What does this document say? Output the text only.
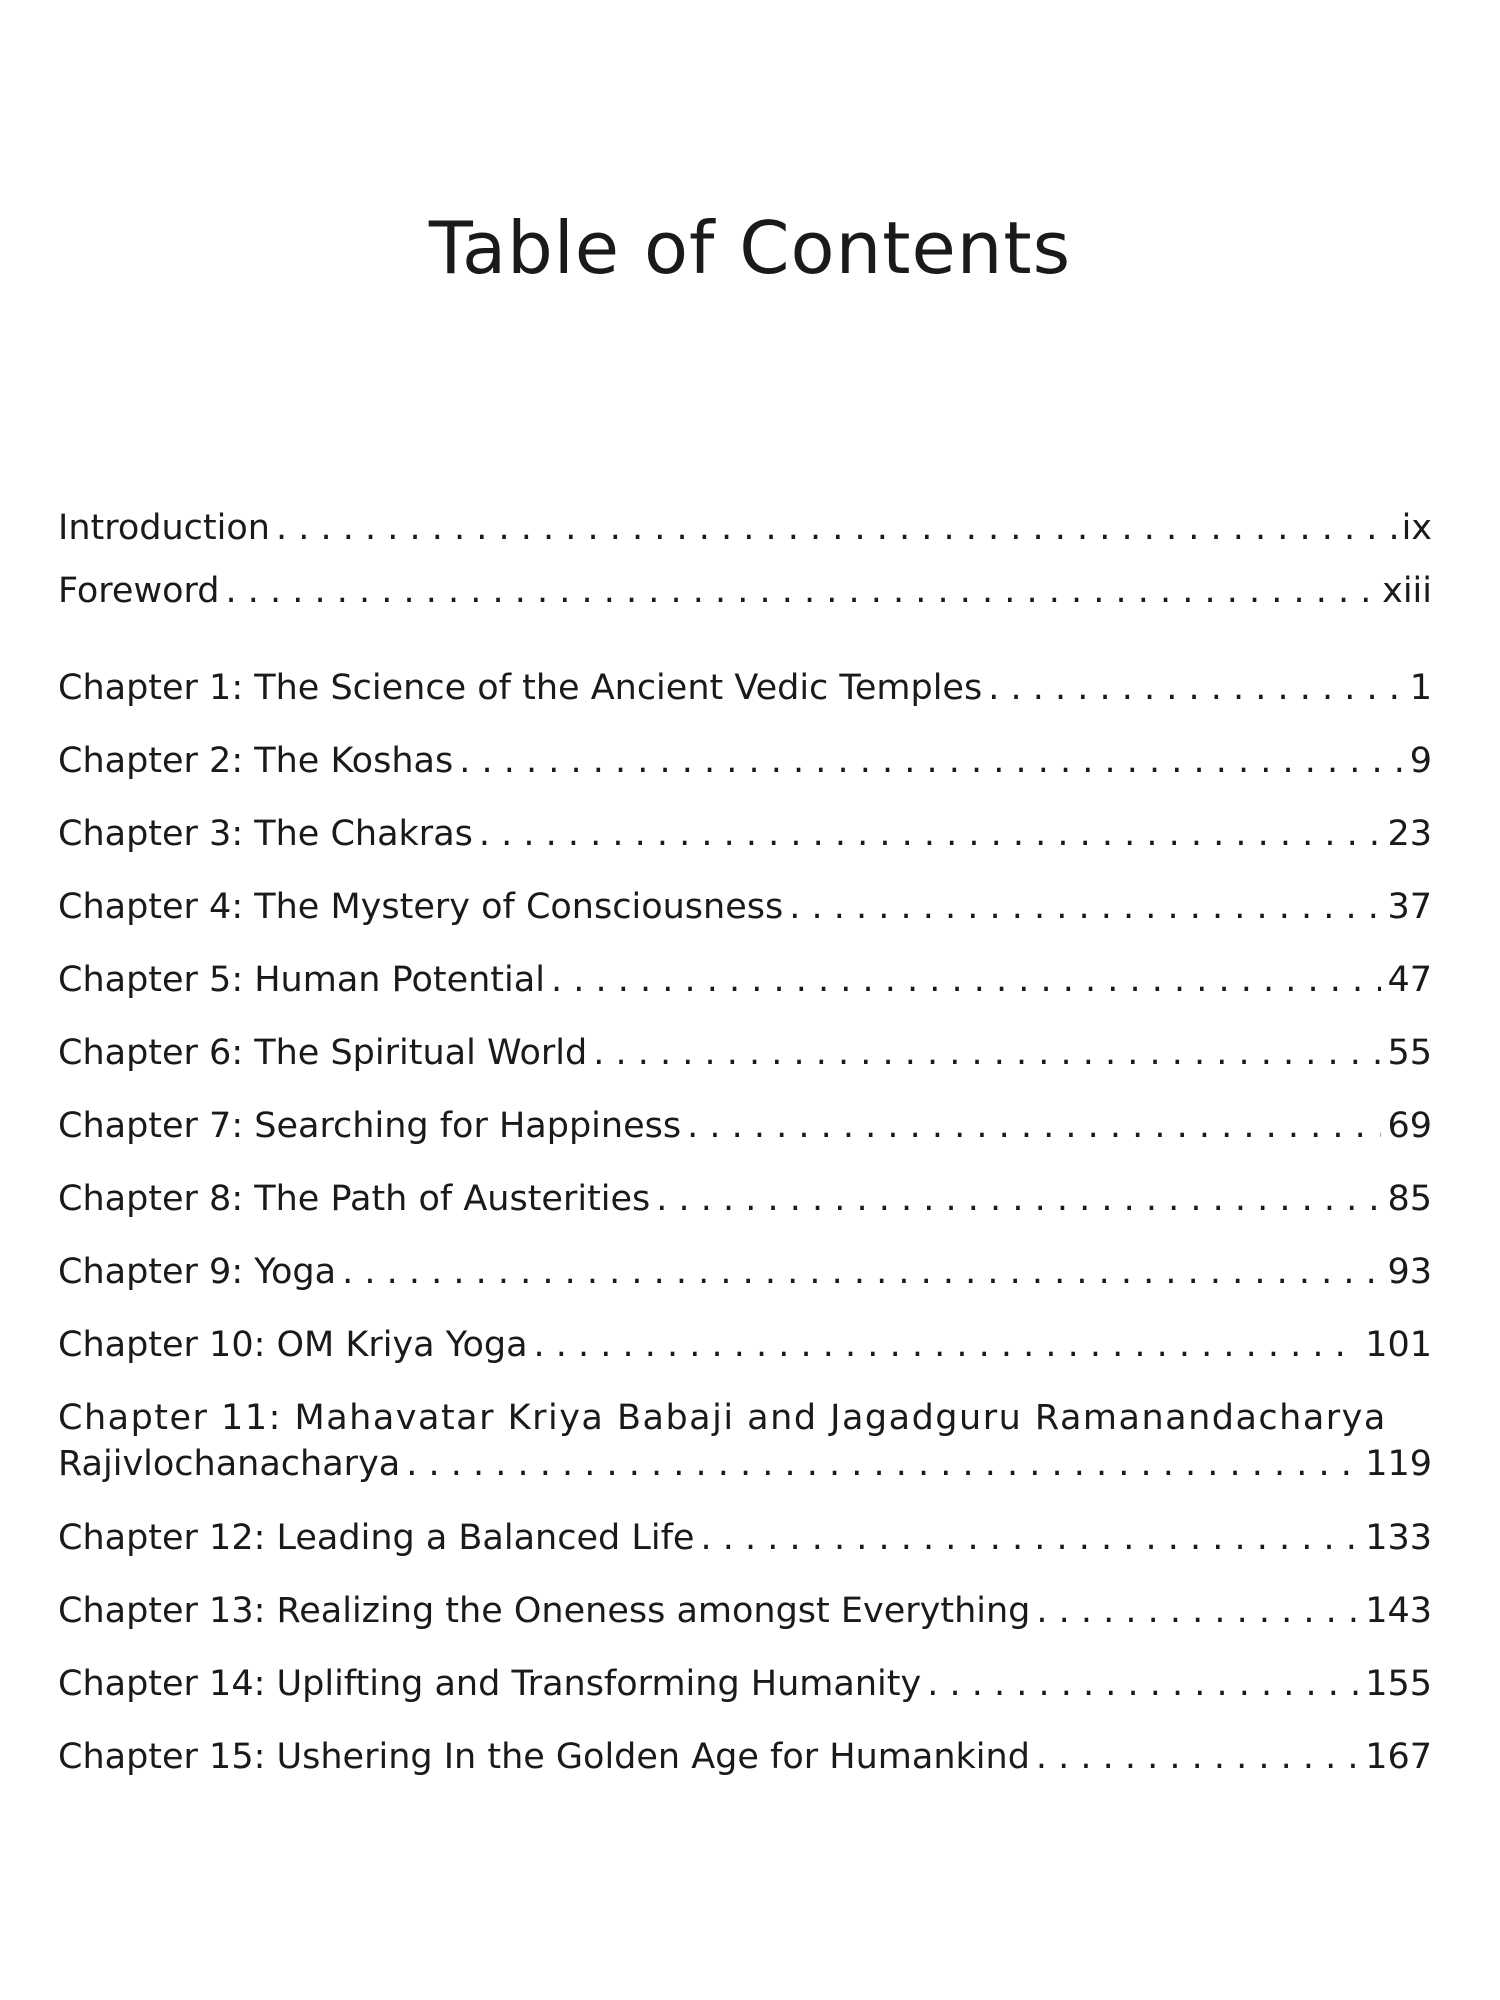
Table of Contents
Introduction . . .	ix
Foreword . . .	xiii
Chapter 1: The Science of the Ancient Vedic Temples . . .	1
Chapter 2: The Koshas . . .	9
Chapter 3: The Chakras . . .	23
Chapter 4: The Mystery of Consciousness . . .	37
Chapter 5: Human Potential . . .	47
Chapter 6: The Spiritual World . . .	55
Chapter 7: Searching for Happiness . . .	69
Chapter 8: The Path of Austerities . . .	85
Chapter 9: Yoga . . .	93
Chapter 10: OM Kriya Yoga . . .	101
Chapter 11: Mahavatar Kriya Babaji and Jagadguru Ramanandacharya
Rajivlochanacharya . . .	119
Chapter 12: Leading a Balanced Life . . .	133
Chapter 13: Realizing the Oneness amongst Everything . . .	143
Chapter 14: Uplifting and Transforming Humanity . . .	155
Chapter 15: Ushering In the Golden Age for Humankind . . .	167
